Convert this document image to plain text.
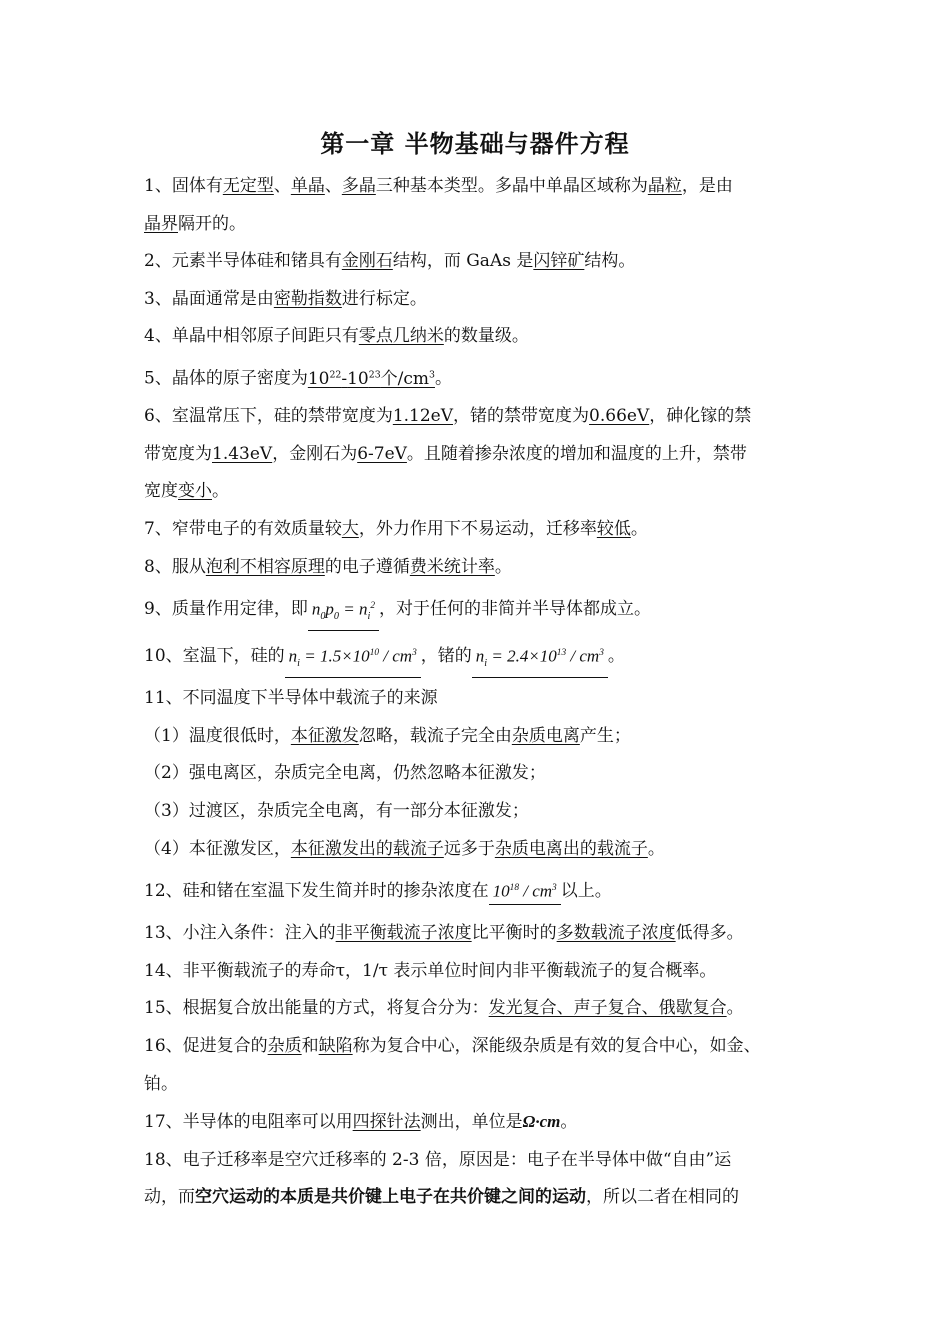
第一章 半物基础与器件方程
1、固体有无定型、单晶、多晶三种基本类型。多晶中单晶区域称为晶粒，是由
晶界隔开的。
2、元素半导体硅和锗具有金刚石结构，而 GaAs 是闪锌矿结构。
3、晶面通常是由密勒指数进行标定。
4、单晶中相邻原子间距只有零点几纳米的数量级。
5、晶体的原子密度为$10^{22}-10^{23}$个$/cm^3$。
6、室温常压下，硅的禁带宽度为1.12eV，锗的禁带宽度为0.66eV，砷化镓的禁
带宽度为1.43eV，金刚石为6-7eV。且随着掺杂浓度的增加和温度的上升，禁带
宽度变小。
7、窄带电子的有效质量较大，外力作用下不易运动，迁移率较低。
8、服从泡利不相容原理的电子遵循费米统计率。
9、质量作用定律，即 $n_0p_0 = n_i^2$ ，对于任何的非简并半导体都成立。
10、室温下，硅的 $n_i = 1.5\times 10^{10} / cm^3$ ，锗的 $n_i = 2.4\times 10^{13} / cm^3$ 。
11、不同温度下半导体中载流子的来源
（1）温度很低时，本征激发忽略，载流子完全由杂质电离产生；
（2）强电离区，杂质完全电离，仍然忽略本征激发；
（3）过渡区，杂质完全电离，有一部分本征激发；
（4）本征激发区，本征激发出的载流子远多于杂质电离出的载流子。
12、硅和锗在室温下发生简并时的掺杂浓度在 $10^{18} / cm^3$ 以上。
13、小注入条件：注入的非平衡载流子浓度比平衡时的多数载流子浓度低得多。
14、非平衡载流子的寿命τ，1/τ 表示单位时间内非平衡载流子的复合概率。
15、根据复合放出能量的方式，将复合分为：发光复合、声子复合、俄歇复合。
16、促进复合的杂质和缺陷称为复合中心，深能级杂质是有效的复合中心，如金、
铂。
17、半导体的电阻率可以用四探针法测出，单位是Ω·cm。
18、电子迁移率是空穴迁移率的 2-3 倍，原因是：电子在半导体中做“自由”运
动，而空穴运动的本质是共价键上电子在共价键之间的运动，所以二者在相同的
